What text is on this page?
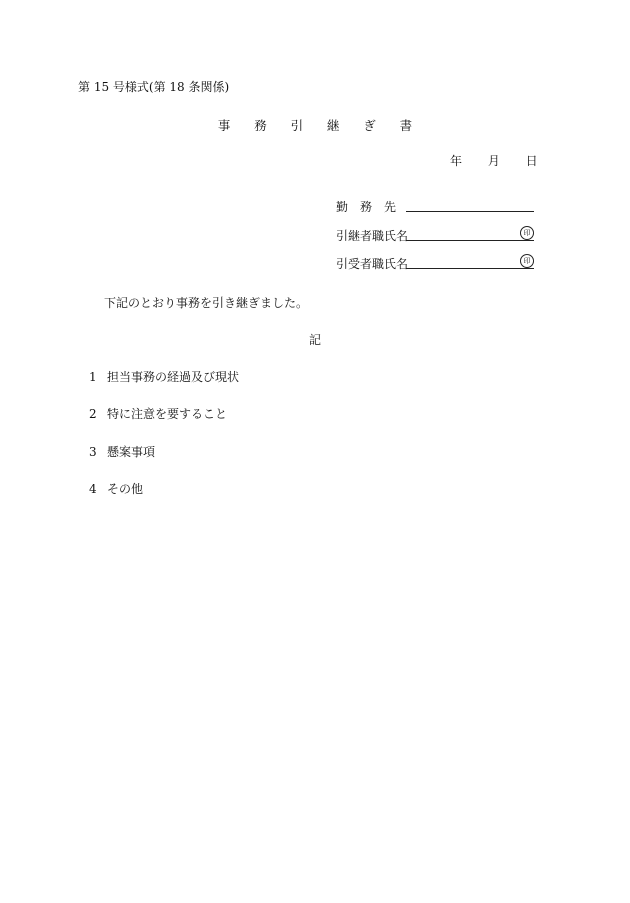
第 15 号様式(第 18 条関係)
事 務 引 継 ぎ 書
年 月 日
勤　務　先
引継者職氏名	印
引受者職氏名	印
下記のとおり事務を引き継ぎました。
記
1 担当事務の経過及び現状
2 特に注意を要すること
3 懸案事項
4 その他
